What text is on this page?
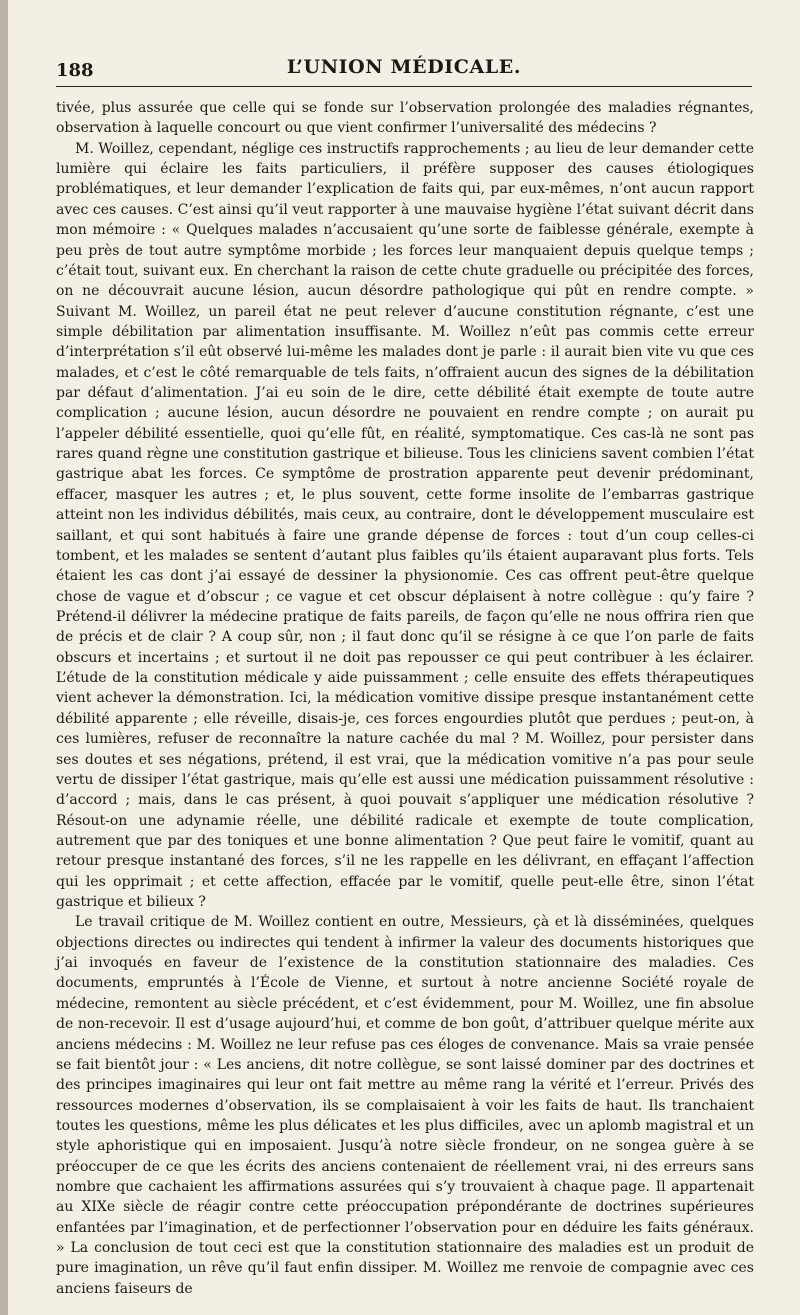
188	L’UNION MÉDICALE.

tivée, plus assurée que celle qui se fonde sur l’observation prolongée des maladies régnantes, observation à laquelle concourt ou que vient confirmer l’universalité des médecins ?

M. Woillez, cependant, néglige ces instructifs rapprochements ; au lieu de leur demander cette lumière qui éclaire les faits particuliers, il préfère supposer des causes étiologiques problématiques, et leur demander l’explication de faits qui, par eux-mêmes, n’ont aucun rapport avec ces causes. C’est ainsi qu’il veut rapporter à une mauvaise hygiène l’état suivant décrit dans mon mémoire : « Quelques malades n’accusaient qu’une sorte de faiblesse générale, exempte à peu près de tout autre symptôme morbide ; les forces leur manquaient depuis quelque temps ; c’était tout, suivant eux. En cherchant la raison de cette chute graduelle ou précipitée des forces, on ne découvrait aucune lésion, aucun désordre pathologique qui pût en rendre compte. » Suivant M. Woillez, un pareil état ne peut relever d’aucune constitution régnante, c’est une simple débilitation par alimentation insuffisante. M. Woillez n’eût pas commis cette erreur d’interprétation s’il eût observé lui-même les malades dont je parle : il aurait bien vite vu que ces malades, et c’est le côté remarquable de tels faits, n’offraient aucun des signes de la débilitation par défaut d’alimentation. J’ai eu soin de le dire, cette débilité était exempte de toute autre complication ; aucune lésion, aucun désordre ne pouvaient en rendre compte ; on aurait pu l’appeler débilité essentielle, quoi qu’elle fût, en réalité, symptomatique. Ces cas-là ne sont pas rares quand règne une constitution gastrique et bilieuse. Tous les cliniciens savent combien l’état gastrique abat les forces. Ce symptôme de prostration apparente peut devenir prédominant, effacer, masquer les autres ; et, le plus souvent, cette forme insolite de l’embarras gastrique atteint non les individus débilités, mais ceux, au contraire, dont le développement musculaire est saillant, et qui sont habitués à faire une grande dépense de forces : tout d’un coup celles-ci tombent, et les malades se sentent d’autant plus faibles qu’ils étaient auparavant plus forts. Tels étaient les cas dont j’ai essayé de dessiner la physionomie. Ces cas offrent peut-être quelque chose de vague et d’obscur ; ce vague et cet obscur déplaisent à notre collègue : qu’y faire ? Prétend-il délivrer la médecine pratique de faits pareils, de façon qu’elle ne nous offrira rien que de précis et de clair ? A coup sûr, non ; il faut donc qu’il se résigne à ce que l’on parle de faits obscurs et incertains ; et surtout il ne doit pas repousser ce qui peut contribuer à les éclairer. L’étude de la constitution médicale y aide puissamment ; celle ensuite des effets thérapeutiques vient achever la démonstration. Ici, la médication vomitive dissipe presque instantanément cette débilité apparente ; elle réveille, disais-je, ces forces engourdies plutôt que perdues ; peut-on, à ces lumières, refuser de reconnaître la nature cachée du mal ? M. Woillez, pour persister dans ses doutes et ses négations, prétend, il est vrai, que la médication vomitive n’a pas pour seule vertu de dissiper l’état gastrique, mais qu’elle est aussi une médication puissamment résolutive : d’accord ; mais, dans le cas présent, à quoi pouvait s’appliquer une médication résolutive ? Résout-on une adynamie réelle, une débilité radicale et exempte de toute complication, autrement que par des toniques et une bonne alimentation ? Que peut faire le vomitif, quant au retour presque instantané des forces, s’il ne les rappelle en les délivrant, en effaçant l’affection qui les opprimait ; et cette affection, effacée par le vomitif, quelle peut-elle être, sinon l’état gastrique et bilieux ?

Le travail critique de M. Woillez contient en outre, Messieurs, çà et là disséminées, quelques objections directes ou indirectes qui tendent à infirmer la valeur des documents historiques que j’ai invoqués en faveur de l’existence de la constitution stationnaire des maladies. Ces documents, empruntés à l’École de Vienne, et surtout à notre ancienne Société royale de médecine, remontent au siècle précédent, et c’est évidemment, pour M. Woillez, une fin absolue de non-recevoir. Il est d’usage aujourd’hui, et comme de bon goût, d’attribuer quelque mérite aux anciens médecins : M. Woillez ne leur refuse pas ces éloges de convenance. Mais sa vraie pensée se fait bientôt jour : « Les anciens, dit notre collègue, se sont laissé dominer par des doctrines et des principes imaginaires qui leur ont fait mettre au même rang la vérité et l’erreur. Privés des ressources modernes d’observation, ils se complaisaient à voir les faits de haut. Ils tranchaient toutes les questions, même les plus délicates et les plus difficiles, avec un aplomb magistral et un style aphoristique qui en imposaient. Jusqu’à notre siècle frondeur, on ne songea guère à se préoccuper de ce que les écrits des anciens contenaient de réellement vrai, ni des erreurs sans nombre que cachaient les affirmations assurées qui s’y trouvaient à chaque page. Il appartenait au XIXe siècle de réagir contre cette préoccupation prépondérante de doctrines supérieures enfantées par l’imagination, et de perfectionner l’observation pour en déduire les faits généraux. » La conclusion de tout ceci est que la constitution stationnaire des maladies est un produit de pure imagination, un rêve qu’il faut enfin dissiper. M. Woillez me renvoie de compagnie avec ces anciens faiseurs de
